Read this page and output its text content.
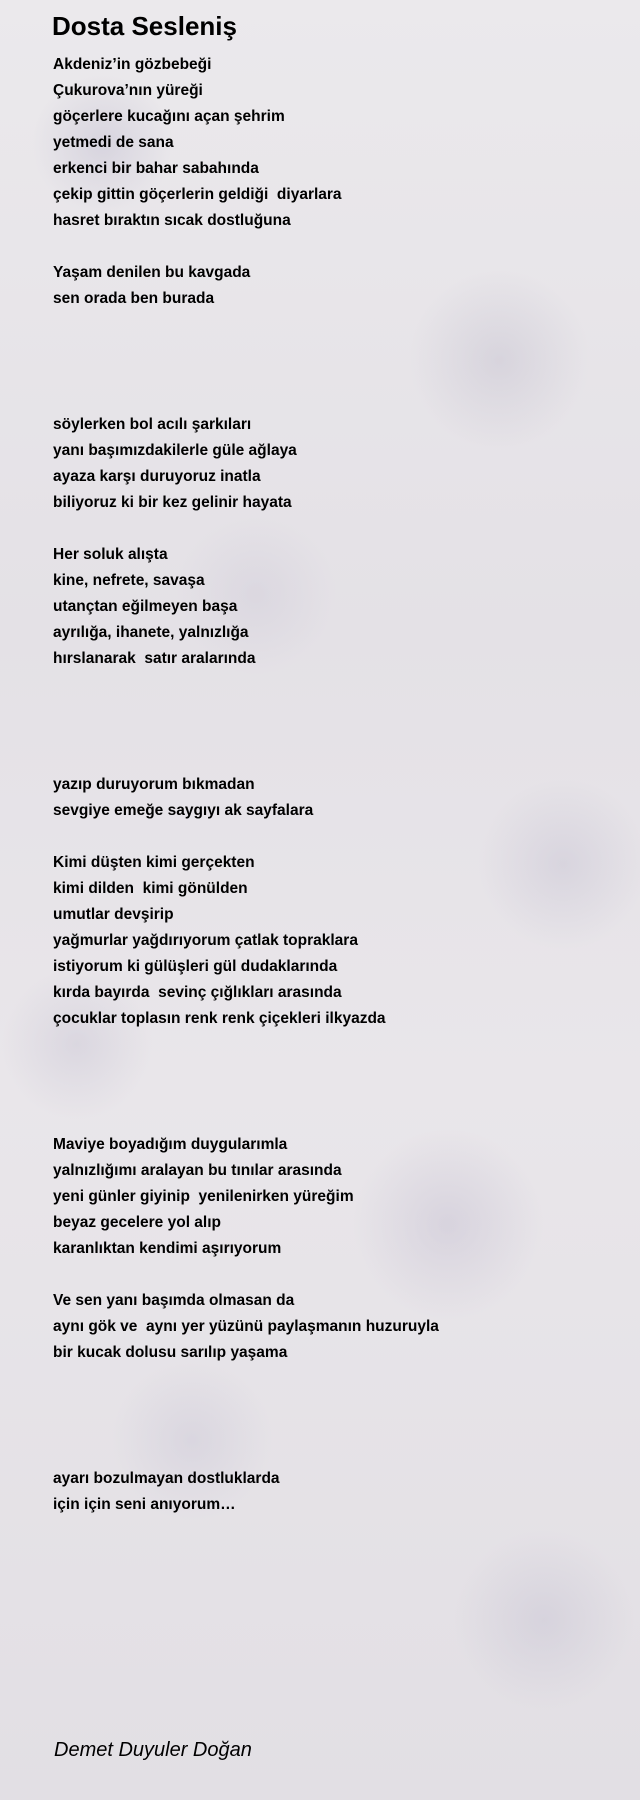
Dosta Sesleniş
Akdeniz’in gözbebeği
Çukurova’nın yüreği
göçerlere kucağını açan şehrim
yetmedi de sana
erkenci bir bahar sabahında
çekip gittin göçerlerin geldiği  diyarlara
hasret bıraktın sıcak dostluğuna
Yaşam denilen bu kavgada
sen orada ben burada
söylerken bol acılı şarkıları
yanı başımızdakilerle güle ağlaya
ayaza karşı duruyoruz inatla
biliyoruz ki bir kez gelinir hayata
Her soluk alışta
kine, nefrete, savaşa
utançtan eğilmeyen başa
ayrılığa, ihanete, yalnızlığa
hırslanarak  satır aralarında
yazıp duruyorum bıkmadan
sevgiye emeğe saygıyı ak sayfalara
Kimi düşten kimi gerçekten
kimi dilden  kimi gönülden
umutlar devşirip
yağmurlar yağdırıyorum çatlak topraklara
istiyorum ki gülüşleri gül dudaklarında
kırda bayırda  sevinç çığlıkları arasında
çocuklar toplasın renk renk çiçekleri ilkyazda
Maviye boyadığım duygularımla
yalnızlığımı aralayan bu tınılar arasında
yeni günler giyinip  yenilenirken yüreğim
beyaz gecelere yol alıp
karanlıktan kendimi aşırıyorum
Ve sen yanı başımda olmasan da
aynı gök ve  aynı yer yüzünü paylaşmanın huzuruyla
bir kucak dolusu sarılıp yaşama
ayarı bozulmayan dostluklarda
için için seni anıyorum…

Demet Duyuler Doğan
